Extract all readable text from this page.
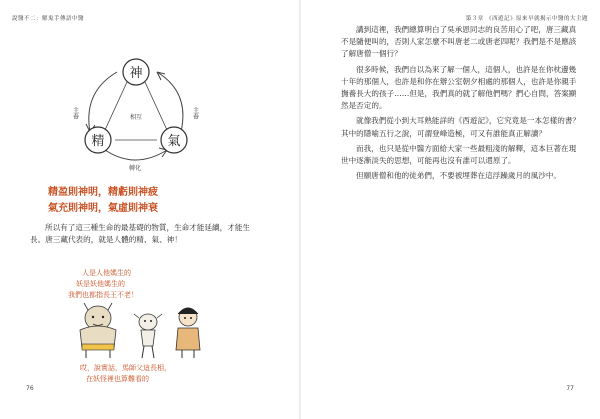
說醫不二：解鬼手傳語中醫
神
精	氣
相互
轉化
主養	主養
精盈則神明，精虧則神疲
氣充則神明，氣虛則神衰

所以有了這三種生命的最基礎的物質，生命才能延續，才能生長。唐三藏代表的，就是人體的精、氣、神！

人是人他媽生的
妖是妖他媽生的
我們也都指長王不老！
哎，說實話，馬師父這長相，
在妖怪裡也算難看的
76
第３章 《西遊記》原來早就揭示中醫的大主題

講到這裡，我們總算明白了吳承恩同志的良苦用心了吧，唐三藏真不是隨便叫的，否則人家怎麼不叫唐老二或唐老四呢？我們是不是應該了解唐僧一個行？

很多時候，我們自以為來了解一個人，這個人，也許是在你枕邊幾十年的那個人，也許是和你在辦公室朝夕相處的那個人，也許是你親手撫養長大的孩子……但是，我們真的就了解他們嗎？捫心自問，答案顯然是否定的。

就像我們從小到大耳熟能詳的《西遊記》，它究竟是一本怎樣的書？其中的隱喻五行之說，可謂登峰造極，可又有誰能真正解讀？

而我，也只是從中醫方面給大家一些最粗淺的解釋，這本巨著在現世中逐漸淡失的思想，可能再也沒有誰可以還原了。

但願唐僧和他的徒弟們，不要被埋葬在這浮躁歲月的風沙中。

77
